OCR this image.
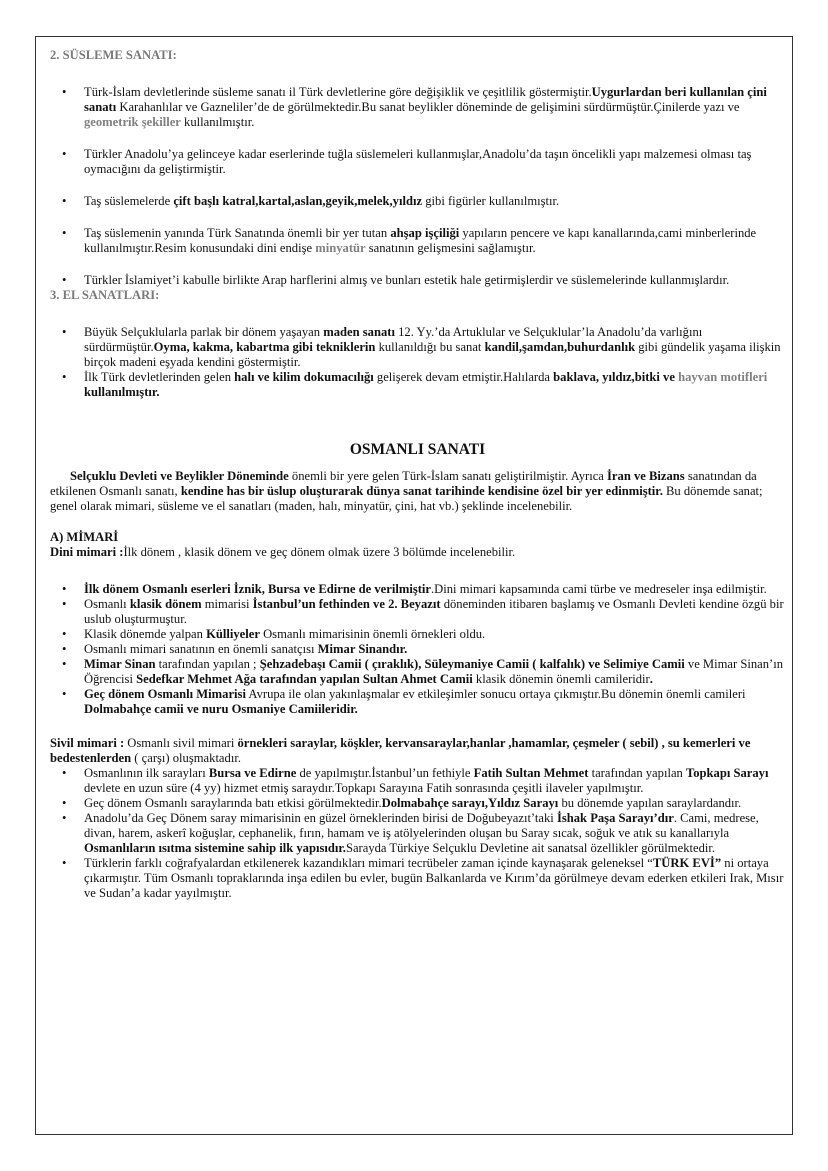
2. SÜSLEME SANATI:

• Türk-İslam devletlerinde süsleme sanatı il Türk devletlerine göre değişiklik ve çeşitlilik göstermiştir.Uygurlardan beri kullanılan çini sanatı Karahanlılar ve Gazneliler’de de görülmektedir.Bu sanat beylikler döneminde de gelişimini sürdürmüştür.Çinilerde yazı ve geometrik şekiller kullanılmıştır.
• Türkler Anadolu’ya gelinceye kadar eserlerinde tuğla süslemeleri kullanmışlar,Anadolu’da taşın öncelikli yapı malzemesi olması taş oymacığını da geliştirmiştir.
• Taş süslemelerde çift başlı katral,kartal,aslan,geyik,melek,yıldız gibi figürler kullanılmıştır.
• Taş süslemenin yanında Türk Sanatında önemli bir yer tutan ahşap işçiliği yapıların pencere ve kapı kanallarında,cami minberlerinde kullanılmıştır.Resim konusundaki dini endişe minyatür sanatının gelişmesini sağlamıştır.
• Türkler İslamiyet’i kabulle birlikte Arap harflerini almış ve bunları estetik hale getirmişlerdir ve süslemelerinde kullanmışlardır.

3. EL SANATLARI:

• Büyük Selçuklularla parlak bir dönem yaşayan maden sanatı 12. Yy.’da Artuklular ve Selçuklular’la Anadolu’da varlığını sürdürmüştür.Oyma, kakma, kabartma gibi tekniklerin kullanıldığı bu sanat kandil,şamdan,buhurdanlık gibi gündelik yaşama ilişkin birçok madeni eşyada kendini göstermiştir.
• İlk Türk devletlerinden gelen halı ve kilim dokumacılığı gelişerek devam etmiştir.Halılarda baklava, yıldız,bitki ve hayvan motifleri kullanılmıştır.

OSMANLI SANATI

Selçuklu Devleti ve Beylikler Döneminde önemli bir yere gelen Türk-İslam sanatı geliştirilmiştir. Ayrıca İran ve Bizans sanatından da etkilenen Osmanlı sanatı, kendine has bir üslup oluşturarak dünya sanat tarihinde kendisine özel bir yer edinmiştir. Bu dönemde sanat; genel olarak mimari, süsleme ve el sanatları (maden, halı, minyatür, çini, hat vb.) şeklinde incelenebilir.

A) MİMARİ

Dini mimari :İlk dönem , klasik dönem ve geç dönem olmak üzere 3 bölümde incelenebilir.

• İlk dönem Osmanlı eserleri İznik, Bursa ve Edirne de verilmiştir.Dini mimari kapsamında cami türbe ve medreseler inşa edilmiştir.
• Osmanlı klasik dönem mimarisi İstanbul’un fethinden ve 2. Beyazıt döneminden itibaren başlamış ve Osmanlı Devleti kendine özgü bir uslub oluşturmuştur.
• Klasik dönemde yalpan Külliyeler Osmanlı mimarisinin önemli örnekleri oldu.
• Osmanlı mimari sanatının en önemli sanatçısı Mimar Sinandır.
• Mimar Sinan tarafından yapılan ; Şehzadebaşı Camii ( çıraklık), Süleymaniye Camii ( kalfalık) ve Selimiye Camii ve Mimar Sinan’ın Öğrencisi Sedefkar Mehmet Ağa tarafından yapılan Sultan Ahmet Camii klasik dönemin önemli camileridir.
• Geç dönem Osmanlı Mimarisi Avrupa ile olan yakınlaşmalar ev etkileşimler sonucu ortaya çıkmıştır.Bu dönemin önemli camileri Dolmabahçe camii ve nuru Osmaniye Camiileridir.

Sivil mimari : Osmanlı sivil mimari örnekleri saraylar, köşkler, kervansaraylar,hanlar ,hamamlar, çeşmeler ( sebil) , su kemerleri ve bedestenlerden ( çarşı) oluşmaktadır.

• Osmanlının ilk sarayları Bursa ve Edirne de yapılmıştır.İstanbul’un fethiyle Fatih Sultan Mehmet tarafından yapılan Topkapı Sarayı devlete en uzun süre (4 yy) hizmet etmiş saraydır.Topkapı Sarayına Fatih sonrasında çeşitli ilaveler yapılmıştır.
• Geç dönem Osmanlı saraylarında batı etkisi görülmektedir.Dolmabahçe sarayı,Yıldız Sarayı bu dönemde yapılan saraylardandır.
• Anadolu’da Geç Dönem saray mimarisinin en güzel örneklerinden birisi de Doğubeyazıt’taki İshak Paşa Sarayı’dır. Cami, medrese, divan, harem, askerî koğuşlar, cephanelik, fırın, hamam ve iş atölyelerinden oluşan bu Saray sıcak, soğuk ve atık su kanallarıyla Osmanlıların ısıtma sistemine sahip ilk yapısıdır.Sarayda Türkiye Selçuklu Devletine ait sanatsal özellikler görülmektedir.
• Türklerin farklı coğrafyalardan etkilenerek kazandıkları mimari tecrübeler zaman içinde kaynaşarak geleneksel “TÜRK EVİ” ni ortaya çıkarmıştır. Tüm Osmanlı topraklarında inşa edilen bu evler, bugün Balkanlarda ve Kırım’da görülmeye devam ederken etkileri Irak, Mısır ve Sudan’a kadar yayılmıştır.
